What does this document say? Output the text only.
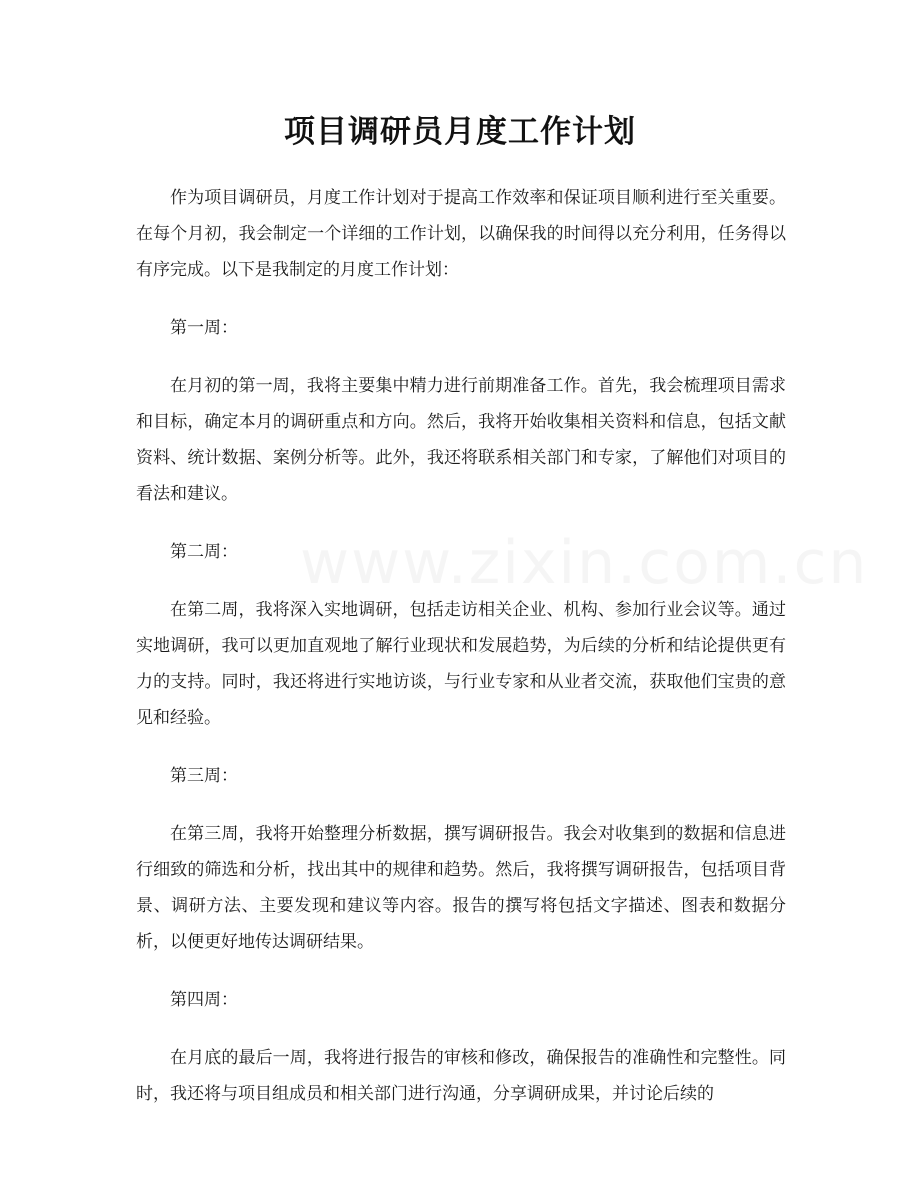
项目调研员月度工作计划
www.zixin.com.cn

作为项目调研员，月度工作计划对于提高工作效率和保证项目顺利进行至关重要。在每个月初，我会制定一个详细的工作计划，以确保我的时间得以充分利用，任务得以有序完成。以下是我制定的月度工作计划：

第一周：

在月初的第一周，我将主要集中精力进行前期准备工作。首先，我会梳理项目需求和目标，确定本月的调研重点和方向。然后，我将开始收集相关资料和信息，包括文献资料、统计数据、案例分析等。此外，我还将联系相关部门和专家，了解他们对项目的看法和建议。

第二周：

在第二周，我将深入实地调研，包括走访相关企业、机构、参加行业会议等。通过实地调研，我可以更加直观地了解行业现状和发展趋势，为后续的分析和结论提供更有力的支持。同时，我还将进行实地访谈，与行业专家和从业者交流，获取他们宝贵的意见和经验。

第三周：

在第三周，我将开始整理分析数据，撰写调研报告。我会对收集到的数据和信息进行细致的筛选和分析，找出其中的规律和趋势。然后，我将撰写调研报告，包括项目背景、调研方法、主要发现和建议等内容。报告的撰写将包括文字描述、图表和数据分析，以便更好地传达调研结果。

第四周：

在月底的最后一周，我将进行报告的审核和修改，确保报告的准确性和完整性。同时，我还将与项目组成员和相关部门进行沟通，分享调研成果，并讨论后续的
